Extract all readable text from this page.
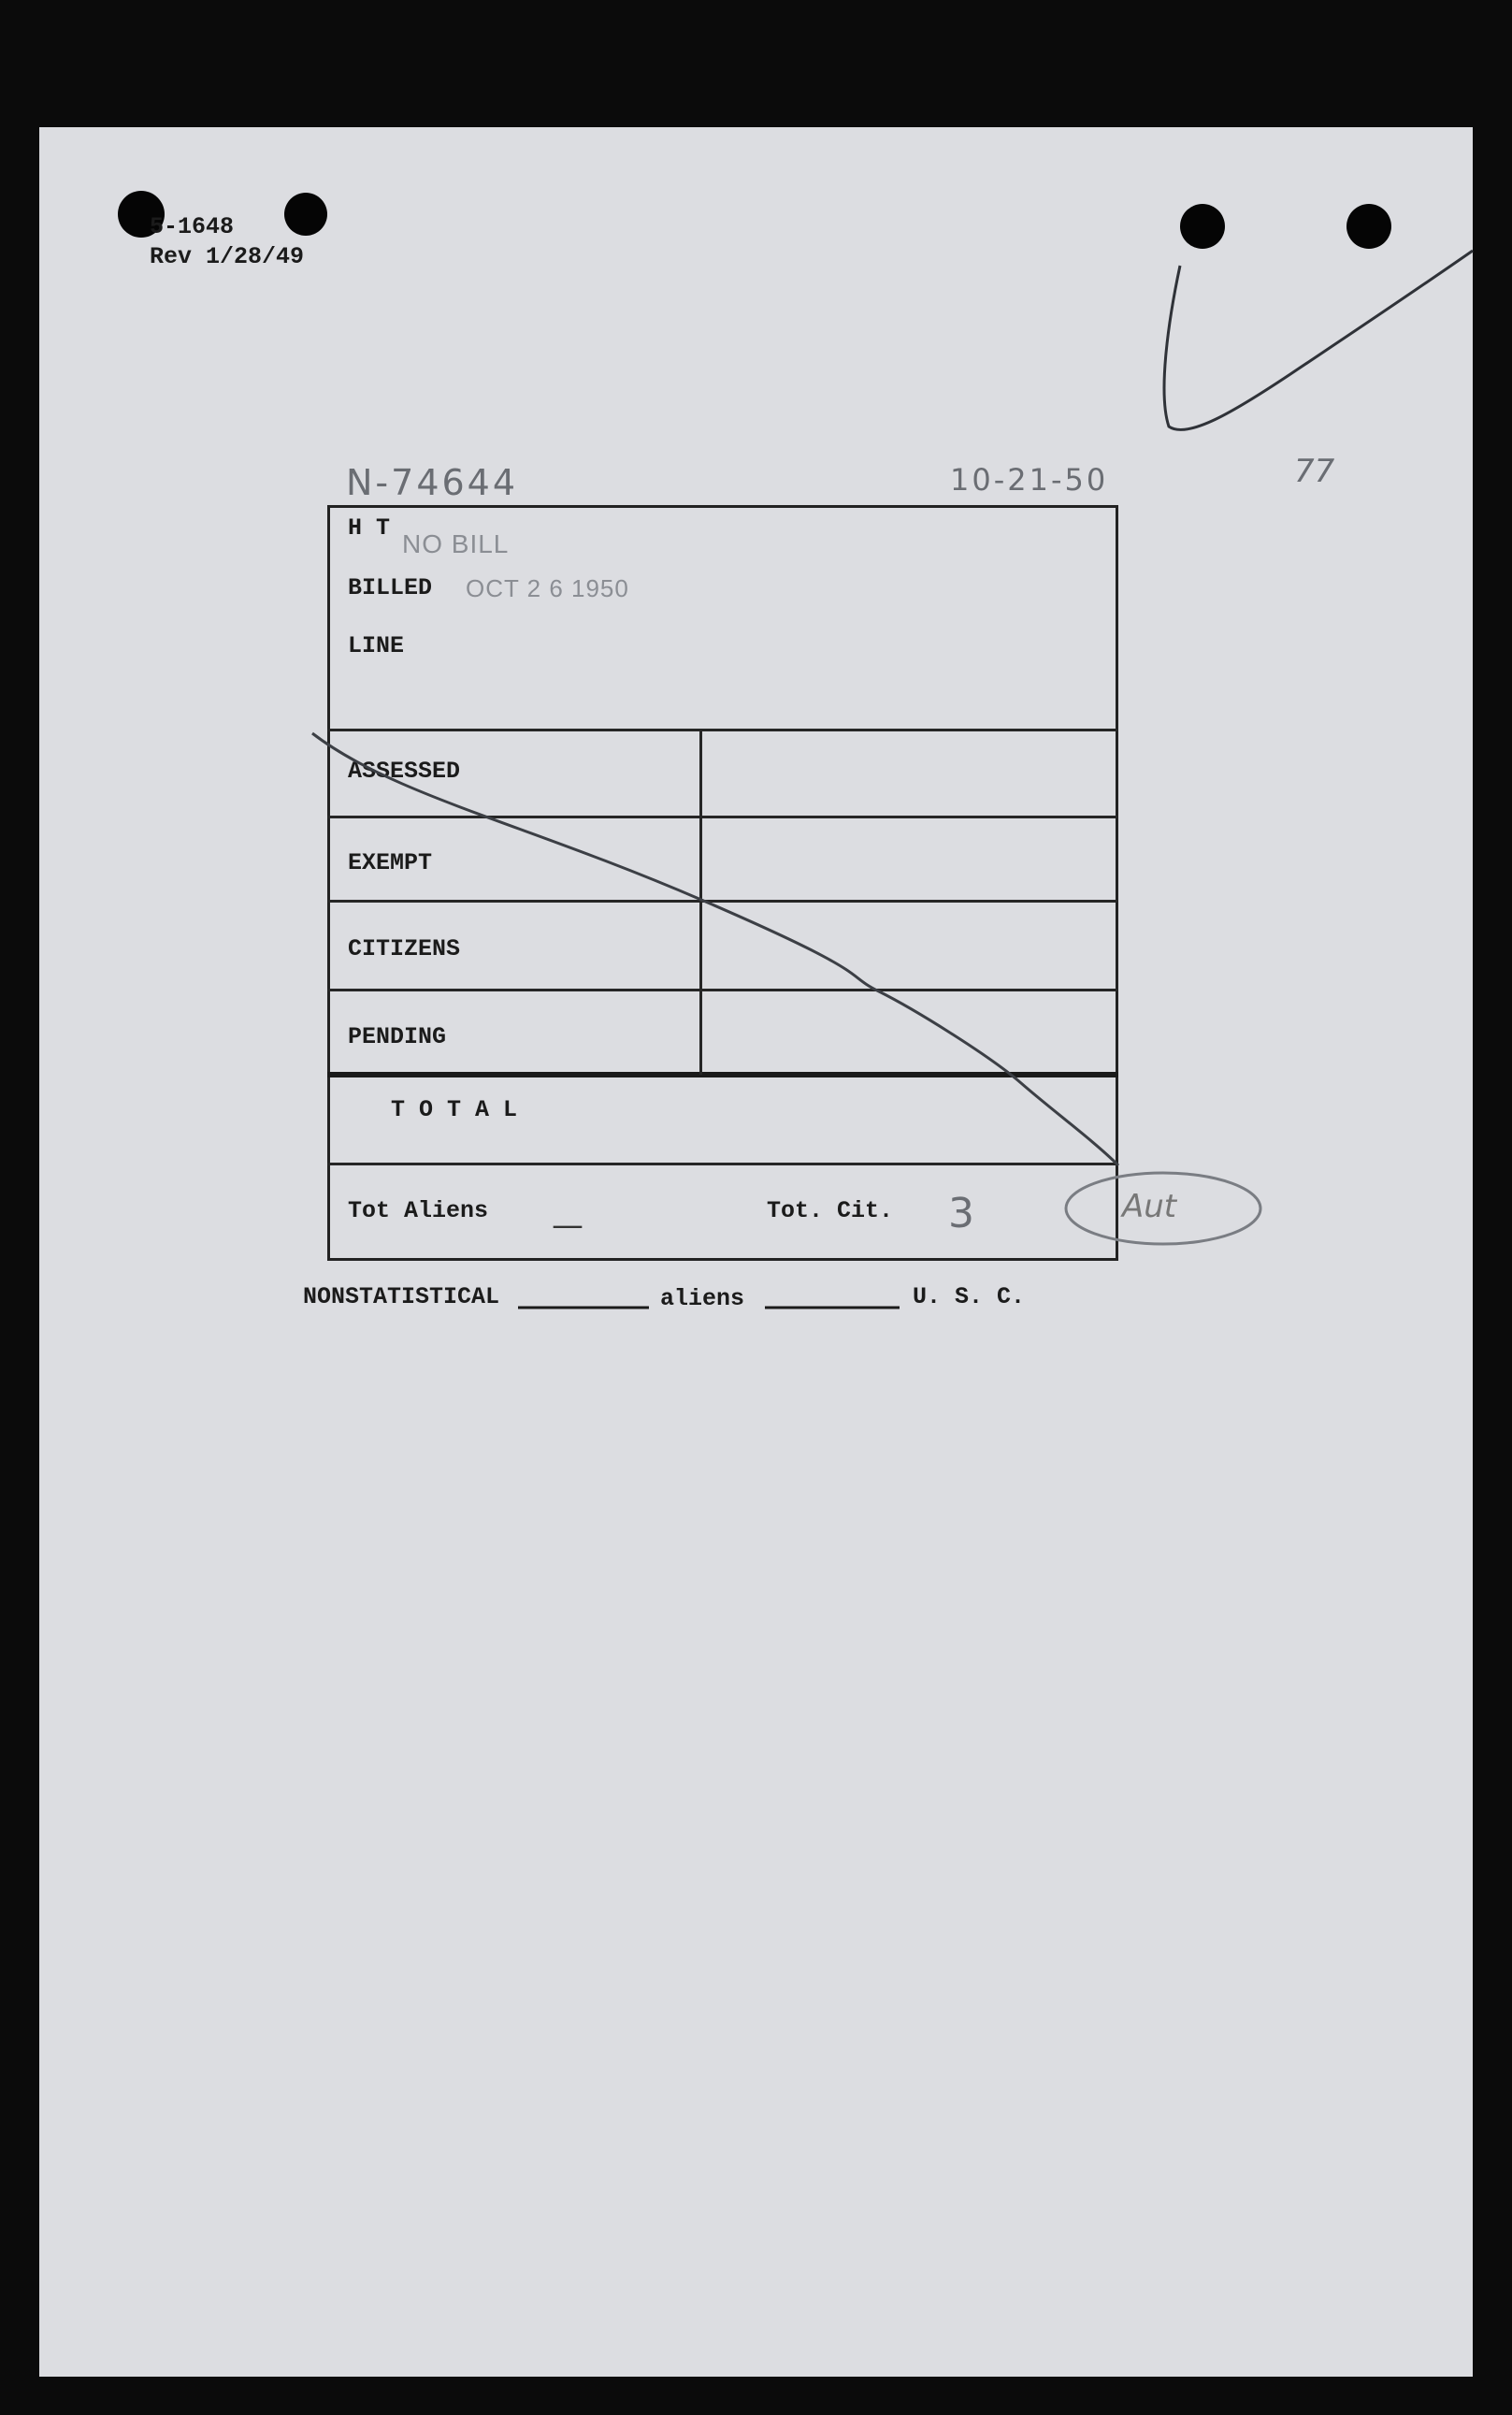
5-1648
Rev 1/28/49
N-74644	10-21-50	77
H T
BILLED
LINE
NO BILL
OCT 2 6 1950
ASSESSED
EXEMPT
CITIZENS
PENDING
T O T A L
Tot Aliens —	Tot. Cit. 3	Aut
NONSTATISTICAL	aliens	U. S. C.
